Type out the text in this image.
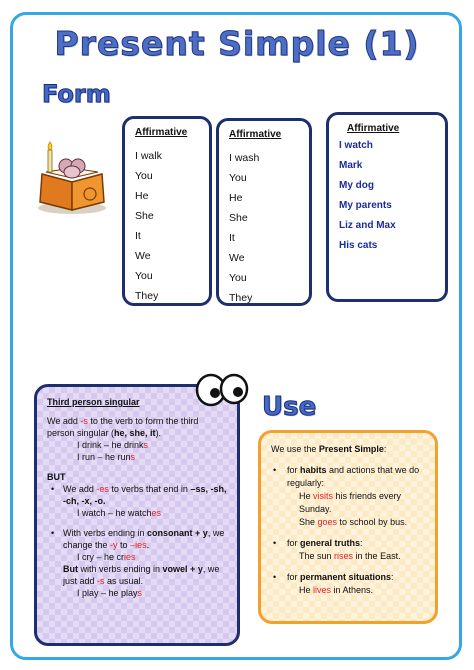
Present Simple (1)
Form
Affirmative
I walk
You
He
She
It
We
You
They
Affirmative
I wash
You
He
She
It
We
You
They
Affirmative
I watch
Mark
My dog
My parents
Liz and Max
His cats
Third person singular
We add -s to the verb to form the third person singular (he, she, it).
I drink – he drinks
I run – he runs
BUT
• We add -es to verbs that end in –ss, -sh, -ch, -x, -o.
I watch – he watches
• With verbs ending in consonant + y, we change the -y to –ies.
I cry – he cries
But with verbs ending in vowel + y, we just add -s as usual.
I play – he plays
Use
We use the Present Simple:
• for habits and actions that we do regularly:
He visits his friends every Sunday.
She goes to school by bus.
• for general truths:
The sun rises in the East.
• for permanent situations:
He lives in Athens.
